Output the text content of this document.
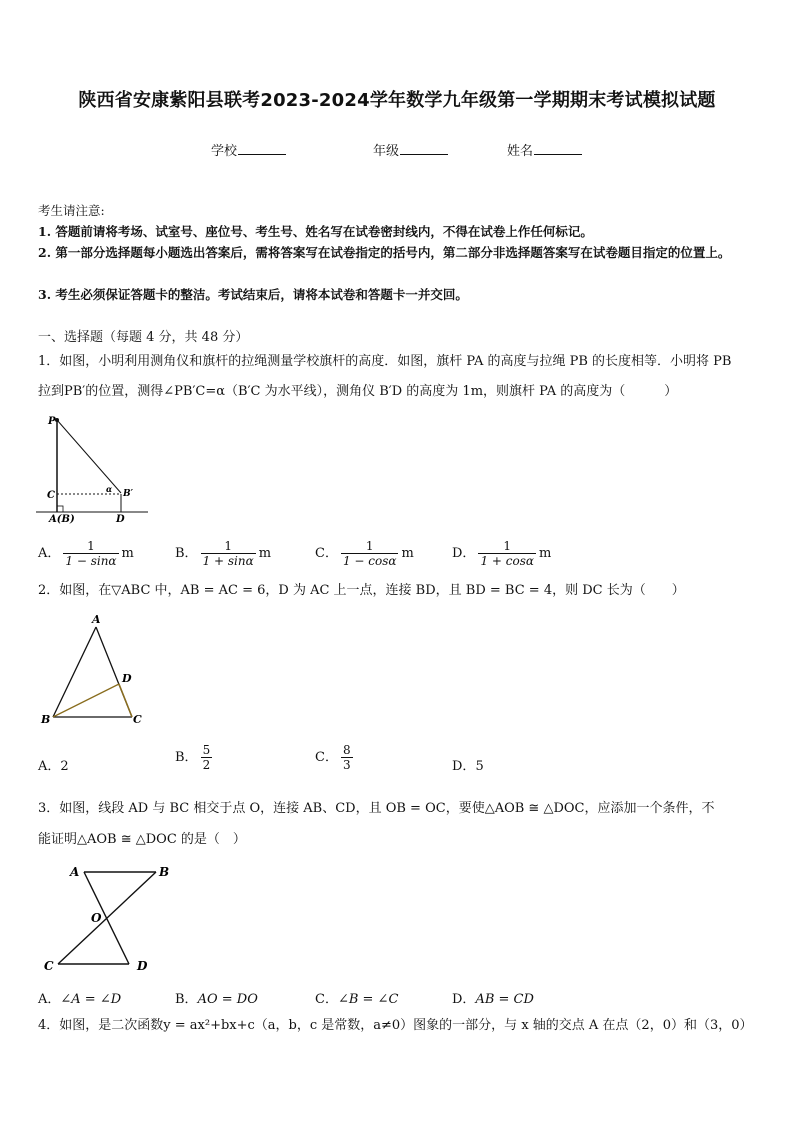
陕西省安康紫阳县联考2023-2024学年数学九年级第一学期期末考试模拟试题
学校	年级	姓名
考生请注意:
1. 答题前请将考场、试室号、座位号、考生号、姓名写在试卷密封线内，不得在试卷上作任何标记。
2. 第一部分选择题每小题选出答案后，需将答案写在试卷指定的括号内，第二部分非选择题答案写在试卷题目指定的位置上。
3. 考生必须保证答题卡的整洁。考试结束后，请将本试卷和答题卡一并交回。
一、选择题（每题 4 分，共 48 分）
1．如图，小明利用测角仪和旗杆的拉绳测量学校旗杆的高度．如图，旗杆 PA 的高度与拉绳 PB 的长度相等．小明将 PB
拉到PB′的位置，测得∠PB′C=α（B′C 为水平线），测角仪 B′D 的高度为 1m，则旗杆 PA 的高度为（　　　）
P
C
A(B)	D
B′
α
A． $\frac{1}{1 - \sin\alpha}$ m	B． $\frac{1}{1 + \sin\alpha}$ m	C． $\frac{1}{1 - \cos\alpha}$ m	D． $\frac{1}{1 + \cos\alpha}$ m
2．如图，在▽ABC 中，AB = AC = 6，D 为 AC 上一点，连接 BD，且 BD = BC = 4，则 DC 长为（　　）
A
B	C
D
A．2
B． $\frac{5}{2}$	C． $\frac{8}{3}$	D．5
3．如图，线段 AD 与 BC 相交于点 O，连接 AB、CD，且 OB = OC，要使△AOB ≅ △DOC，应添加一个条件，不
能证明△AOB ≅ △DOC 的是（　）
A	B
O
C	D
A．∠A = ∠D	B．AO = DO	C．∠B = ∠C	D．AB = CD
4．如图，是二次函数y = ax²+bx+c（a，b，c 是常数，a≠0）图象的一部分，与 x 轴的交点 A 在点（2，0）和（3，0）
